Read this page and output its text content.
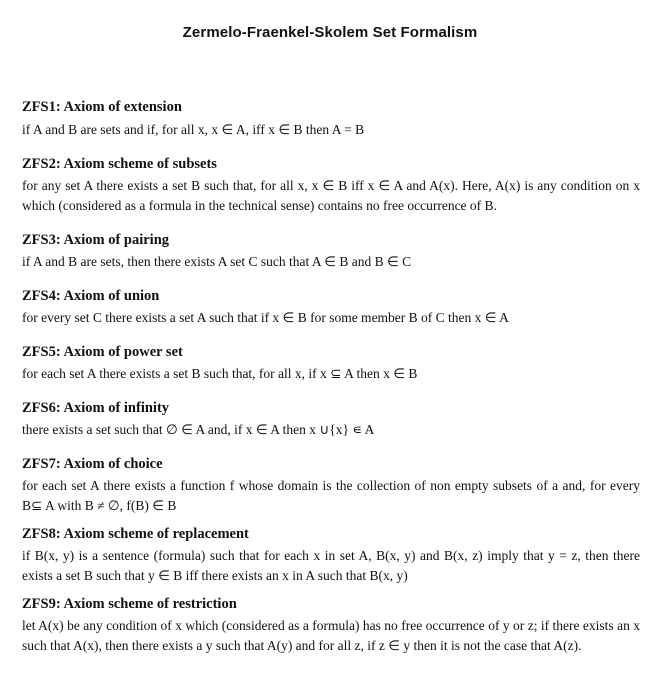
Zermelo-Fraenkel-Skolem Set Formalism

ZFS1: Axiom of extension

if A and B are sets and if, for all x, x ∈ A, iff x ∈ B then A = B

ZFS2: Axiom scheme of subsets

for any set A there exists a set B such that, for all x, x ∈ B iff x ∈ A and A(x). Here, A(x) is any condition on x which (considered as a formula in the technical sense) contains no free occurrence of B.

ZFS3: Axiom of pairing

if A and B are sets, then there exists A set C such that A ∈ B and B ∈ C

ZFS4: Axiom of union

for every set C there exists a set A such that if x ∈ B for some member B of C then x ∈ A

ZFS5: Axiom of power set

for each set A there exists a set B such that, for all x, if x ⊆ A then x ∈ B

ZFS6: Axiom of infinity

there exists a set such that ∅ ∈ A and, if x ∈ A then x ∪{x} ∊ A

ZFS7: Axiom of choice

for each set A there exists a function f whose domain is the collection of non empty subsets of a and, for every B⊆ A with B ≠ ∅, f(B) ∈ B

ZFS8: Axiom scheme of replacement

if B(x, y) is a sentence (formula) such that for each x in set A, B(x, y) and B(x, z) imply that y = z, then there exists a set B such that y ∈ B iff there exists an x in A such that B(x, y)

ZFS9: Axiom scheme of restriction

let A(x) be any condition of x which (considered as a formula) has no free occurrence of y or z; if there exists an x such that A(x), then there exists a y such that A(y) and for all z, if z ∈ y then it is not the case that A(z).
